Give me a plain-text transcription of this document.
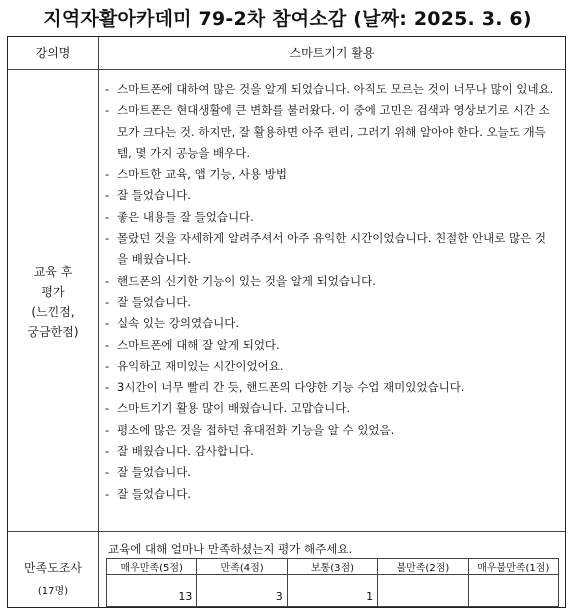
지역자활아카데미 79-2차 참여소감 (날짜: 2025. 3. 6)
강의명	스마트기기 활용
교육 후
평가
(느낀점,
궁금한점)
- 스마트폰에 대하여 많은 것을 알게 되었습니다. 아직도 모르는 것이 너무나 많이 있네요.
- 스마트폰은 현대생활에 큰 변화를 불러왔다. 이 중에 고민은 검색과 영상보기로 시간 소모가 크다는 것. 하지만, 잘 활용하면 아주 편리, 그러기 위해 알아야 한다. 오늘도 개득템, 몇 가지 공능을 배우다.
- 스마트한 교육, 앱 기능, 사용 방법
- 잘 들었습니다.
- 좋은 내용들 잘 들었습니다.
- 몰랐던 것을 자세하게 알려주셔서 아주 유익한 시간이었습니다. 친절한 안내로 많은 것을 배웠습니다.
- 핸드폰의 신기한 기능이 있는 것을 알게 되었습니다.
- 잘 들었습니다.
- 실속 있는 강의였습니다.
- 스마트폰에 대해 잘 알게 되었다.
- 유익하고 재미있는 시간이었어요.
- 3시간이 너무 빨리 간 듯, 핸드폰의 다양한 기능 수업 재미있었습니다.
- 스마트기기 활용 많이 배웠습니다. 고맙습니다.
- 평소에 많은 것을 접하던 휴대전화 기능을 알 수 있었음.
- 잘 배웠습니다. 감사합니다.
- 잘 들었습니다.
- 잘 들었습니다.
만족도조사
(17명)
교육에 대해 얼마나 만족하셨는지 평가 해주세요.
매우만족(5점)	만족(4점)	보통(3점)	불만족(2점)	매우불만족(1점)
13	3	1		
